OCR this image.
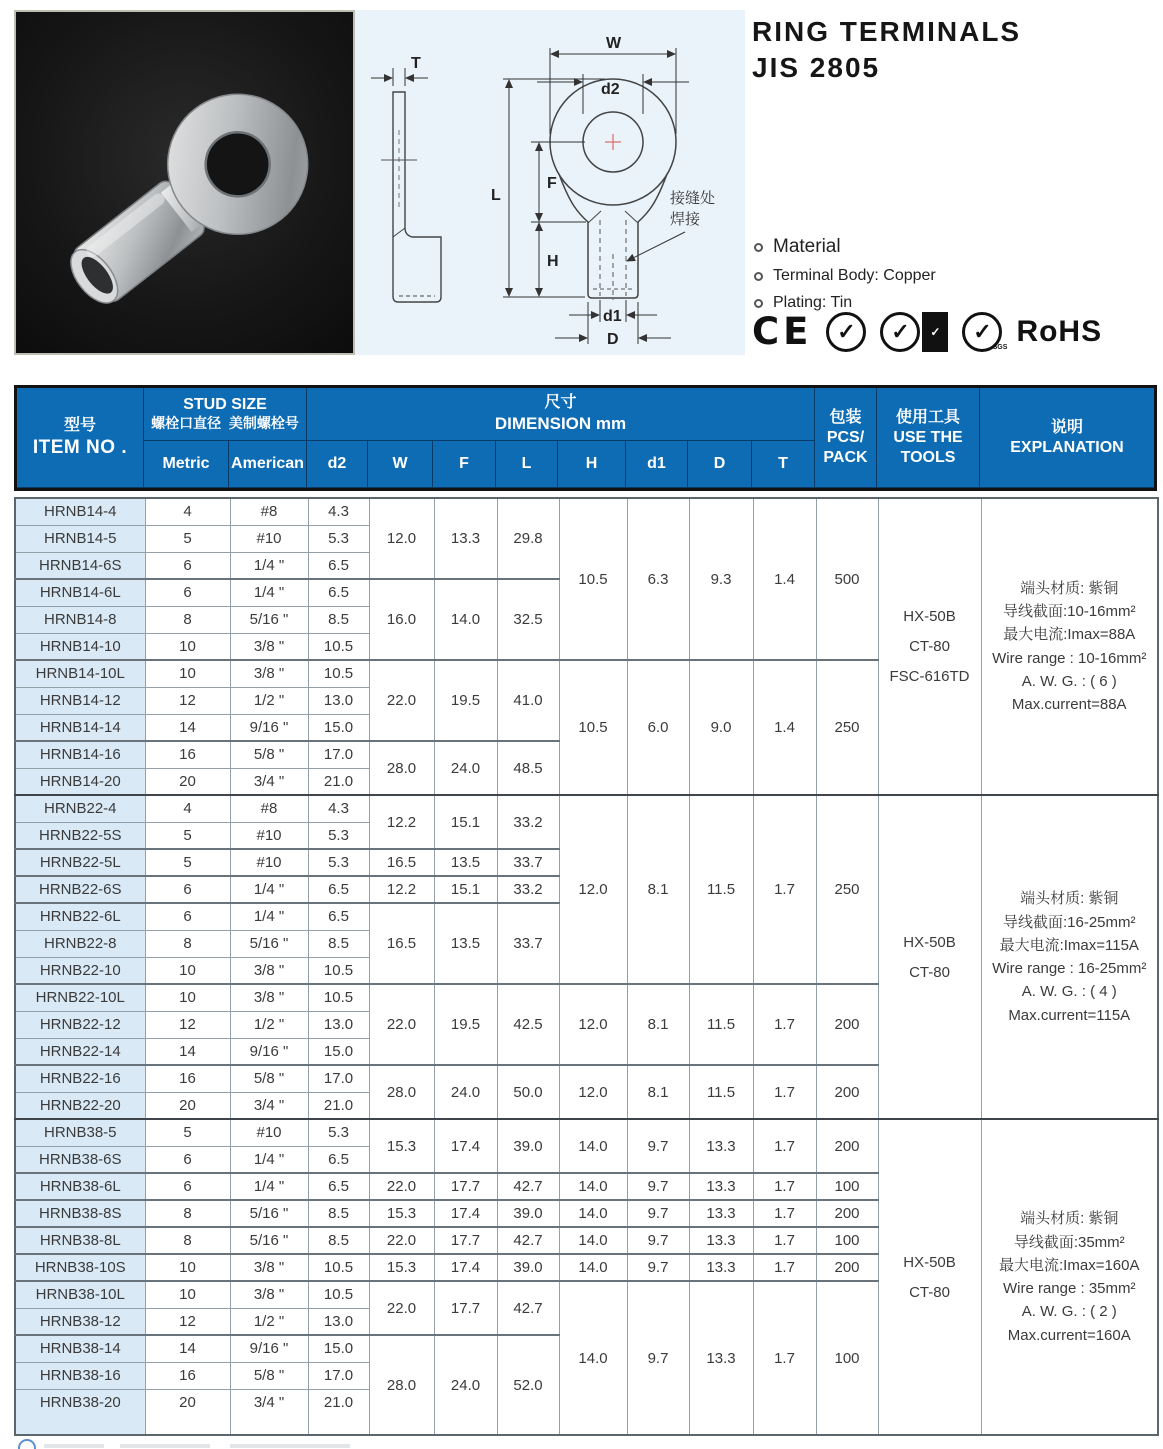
T
W
d2
L
F
H
d1
D
接缝处
焊接
RING TERMINALS
JIS 2805
Material
Terminal Body: Copper
Plating: Tin
CE ✓ ✓ ✓ ✓
SGS RoHS
型号
ITEM NO .
STUD SIZE
螺栓口直径  美制螺栓号
尺寸
DIMENSION mm	包装
PCS/
PACK
使用工具
USE THE
TOOLS
说明
EXPLANATION
Metric	American	d2	W	F	L	H	d1	D	T
HRNB14-4	4	#8	4.3	12.0	13.3	29.8	10.5	6.3	9.3	1.4	500	
HX-50B
CT-80
FSC-616TD

端头材质: 紫铜
导线截面:10-16mm²
最大电流:Imax=88A
Wire range : 10-16mm²
A. W. G. : ( 6 )
Max.current=88A

HRNB14-5	5	#10	5.3										
HRNB14-6S	6	1/4 "	6.5										
HRNB14-6L	6	1/4 "	6.5	16.0	14.0	32.5							
HRNB14-8	8	5/16 "	8.5										
HRNB14-10	10	3/8 "	10.5										
HRNB14-10L	10	3/8 "	10.5	22.0	19.5	41.0	10.5	6.0	9.0	1.4	250		
HRNB14-12	12	1/2 "	13.0										
HRNB14-14	14	9/16 "	15.0										
HRNB14-16	16	5/8 "	17.0	28.0	24.0	48.5							
HRNB14-20	20	3/4 "	21.0										
HRNB22-4	4	#8	4.3	12.2	15.1	33.2	12.0	8.1	11.5	1.7	250	
HX-50B
CT-80

端头材质: 紫铜
导线截面:16-25mm²
最大电流:Imax=115A
Wire range : 16-25mm²
A. W. G. : ( 4 )
Max.current=115A

HRNB22-5S	5	#10	5.3										
HRNB22-5L	5	#10	5.3	16.5	13.5	33.7							
HRNB22-6S	6	1/4 "	6.5	12.2	15.1	33.2							
HRNB22-6L	6	1/4 "	6.5	16.5	13.5	33.7							
HRNB22-8	8	5/16 "	8.5										
HRNB22-10	10	3/8 "	10.5										
HRNB22-10L	10	3/8 "	10.5	22.0	19.5	42.5	12.0	8.1	11.5	1.7	200		
HRNB22-12	12	1/2 "	13.0										
HRNB22-14	14	9/16 "	15.0										
HRNB22-16	16	5/8 "	17.0	28.0	24.0	50.0	12.0	8.1	11.5	1.7	200		
HRNB22-20	20	3/4 "	21.0										
HRNB38-5	5	#10	5.3	15.3	17.4	39.0	14.0	9.7	13.3	1.7	200	
HX-50B
CT-80

端头材质: 紫铜
导线截面:35mm²
最大电流:Imax=160A
Wire range : 35mm²
A. W. G. : ( 2 )
Max.current=160A

HRNB38-6S	6	1/4 "	6.5										
HRNB38-6L	6	1/4 "	6.5	22.0	17.7	42.7	14.0	9.7	13.3	1.7	100		
HRNB38-8S	8	5/16 "	8.5	15.3	17.4	39.0	14.0	9.7	13.3	1.7	200		
HRNB38-8L	8	5/16 "	8.5	22.0	17.7	42.7	14.0	9.7	13.3	1.7	100		
HRNB38-10S	10	3/8 "	10.5	15.3	17.4	39.0	14.0	9.7	13.3	1.7	200		
HRNB38-10L	10	3/8 "	10.5	22.0	17.7	42.7	14.0	9.7	13.3	1.7	100		
HRNB38-12	12	1/2 "	13.0										
HRNB38-14	14	9/16 "	15.0	28.0	24.0	52.0							
HRNB38-16	16	5/8 "	17.0										
HRNB38-20	20	3/4 "	21.0										
